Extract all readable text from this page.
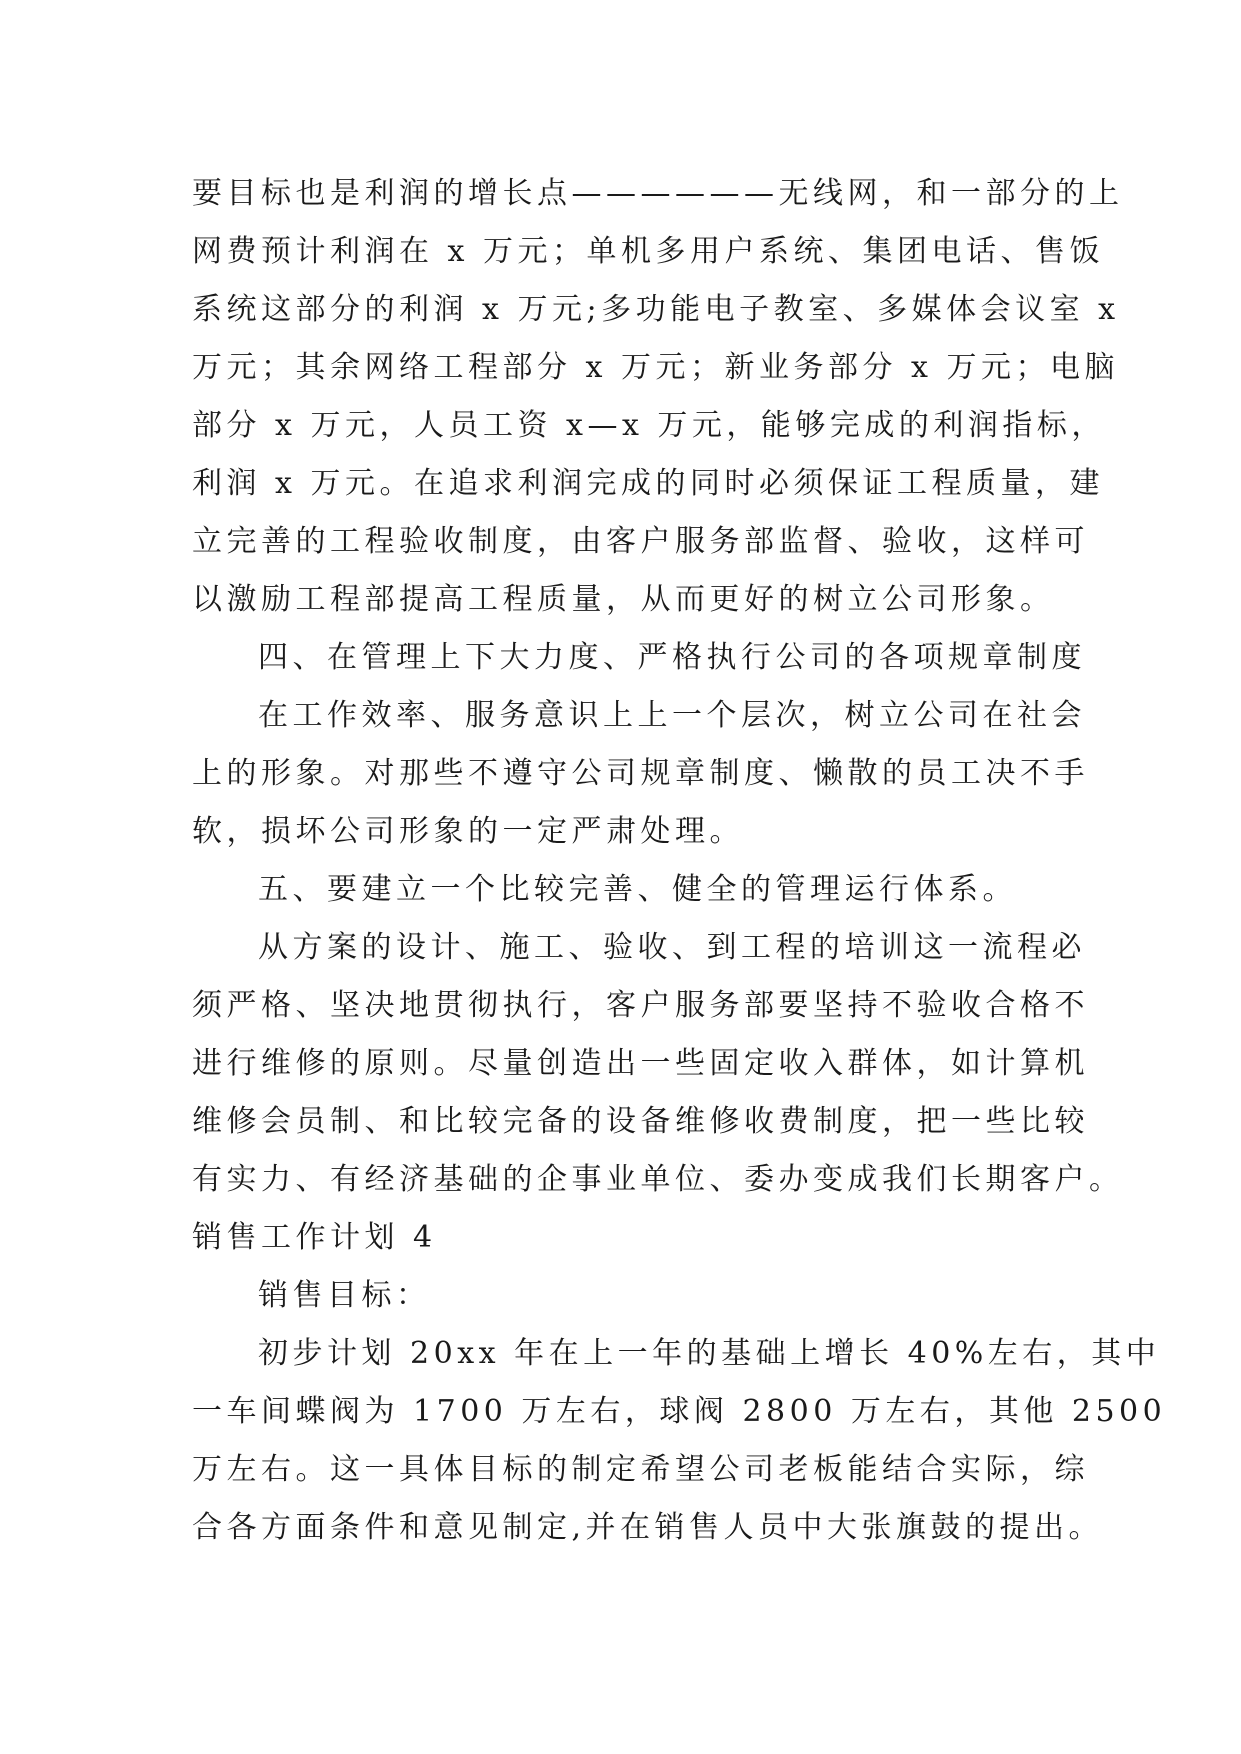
要目标也是利润的增长点——————无线网，和一部分的上
网费预计利润在 x 万元；单机多用户系统、集团电话、售饭
系统这部分的利润 x 万元;多功能电子教室、多媒体会议室 x
万元；其余网络工程部分 x 万元；新业务部分 x 万元；电脑
部分 x 万元，人员工资 x—x 万元，能够完成的利润指标，
利润 x 万元。在追求利润完成的同时必须保证工程质量，建
立完善的工程验收制度，由客户服务部监督、验收，这样可
以激励工程部提高工程质量，从而更好的树立公司形象。
四、在管理上下大力度、严格执行公司的各项规章制度
在工作效率、服务意识上上一个层次，树立公司在社会
上的形象。对那些不遵守公司规章制度、懒散的员工决不手
软，损坏公司形象的一定严肃处理。
五、要建立一个比较完善、健全的管理运行体系。
从方案的设计、施工、验收、到工程的培训这一流程必
须严格、坚决地贯彻执行，客户服务部要坚持不验收合格不
进行维修的原则。尽量创造出一些固定收入群体，如计算机
维修会员制、和比较完备的设备维修收费制度，把一些比较
有实力、有经济基础的企事业单位、委办变成我们长期客户。
销售工作计划 4
销售目标：
初步计划 20xx 年在上一年的基础上增长 40%左右，其中
一车间蝶阀为 1700 万左右，球阀 2800 万左右，其他 2500
万左右。这一具体目标的制定希望公司老板能结合实际，综
合各方面条件和意见制定,并在销售人员中大张旗鼓的提出。
